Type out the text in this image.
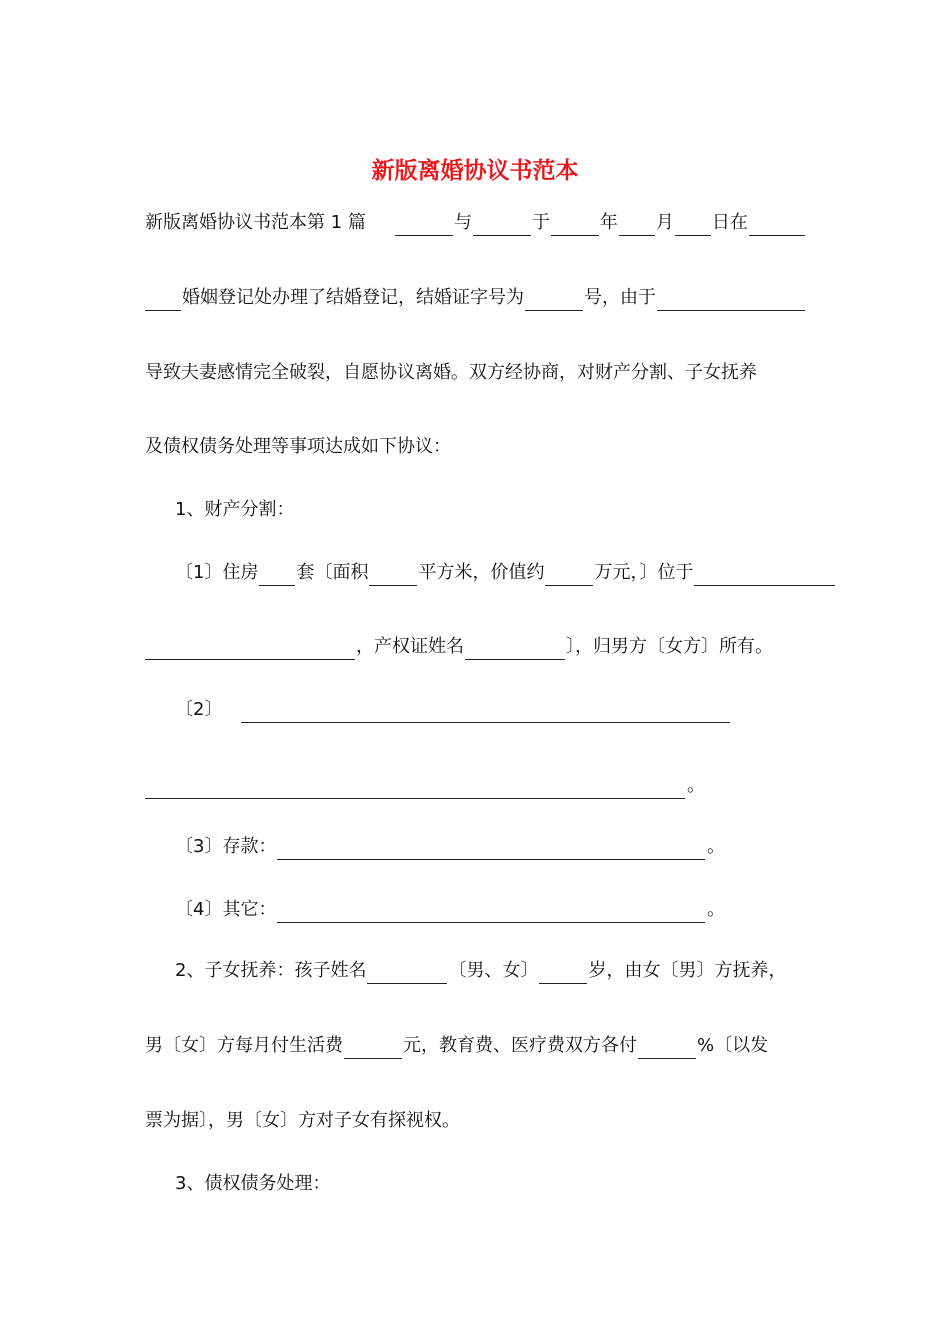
新版离婚协议书范本
新版离婚协议书范本第 1 篇	与	于	年 月 日在
婚姻登记处办理了结婚登记，结婚证字号为	号，由于
导致夫妻感情完全破裂，自愿协议离婚。双方经协商，对财产分割、子女抚养
及债权债务处理等事项达成如下协议：
1、财产分割：
〔1〕住房 套〔面积	平方米，价值约	万元，〕位于
，产权证姓名	〕，归男方〔女方〕所有。
〔2〕
。
〔3〕存款：	。
〔4〕其它：	。
2、子女抚养：孩子姓名	〔男、女〕	岁，由女〔男〕方抚养，
男〔女〕方每月付生活费	元，教育费、医疗费双方各付	%〔以发
票为据〕，男〔女〕方对子女有探视权。
3、债权债务处理：
